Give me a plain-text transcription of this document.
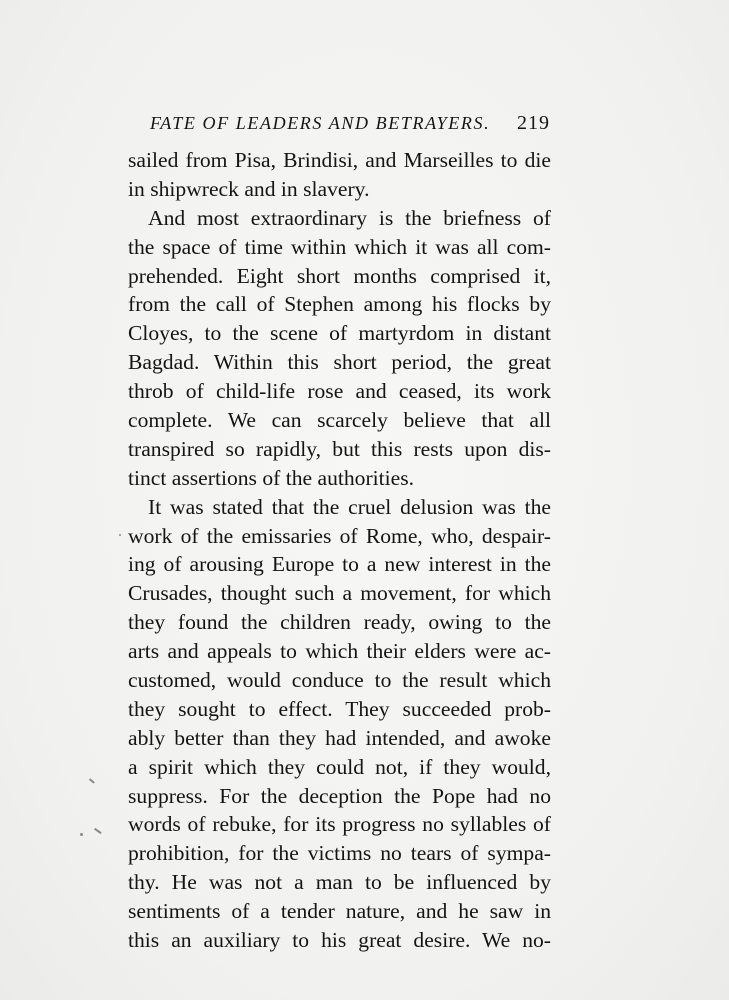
FATE OF LEADERS AND BETRAYERS. 219
sailed from Pisa, Brindisi, and Marseilles to die
in shipwreck and in slavery.
And most extraordinary is the briefness of
the space of time within which it was all com-
prehended. Eight short months comprised it,
from the call of Stephen among his flocks by
Cloyes, to the scene of martyrdom in distant
Bagdad. Within this short period, the great
throb of child-life rose and ceased, its work
complete. We can scarcely believe that all
transpired so rapidly, but this rests upon dis-
tinct assertions of the authorities.
It was stated that the cruel delusion was the
work of the emissaries of Rome, who, despair-
ing of arousing Europe to a new interest in the
Crusades, thought such a movement, for which
they found the children ready, owing to the
arts and appeals to which their elders were ac-
customed, would conduce to the result which
they sought to effect. They succeeded prob-
ably better than they had intended, and awoke
a spirit which they could not, if they would,
suppress. For the deception the Pope had no
words of rebuke, for its progress no syllables of
prohibition, for the victims no tears of sympa-
thy. He was not a man to be influenced by
sentiments of a tender nature, and he saw in
this an auxiliary to his great desire. We no-
